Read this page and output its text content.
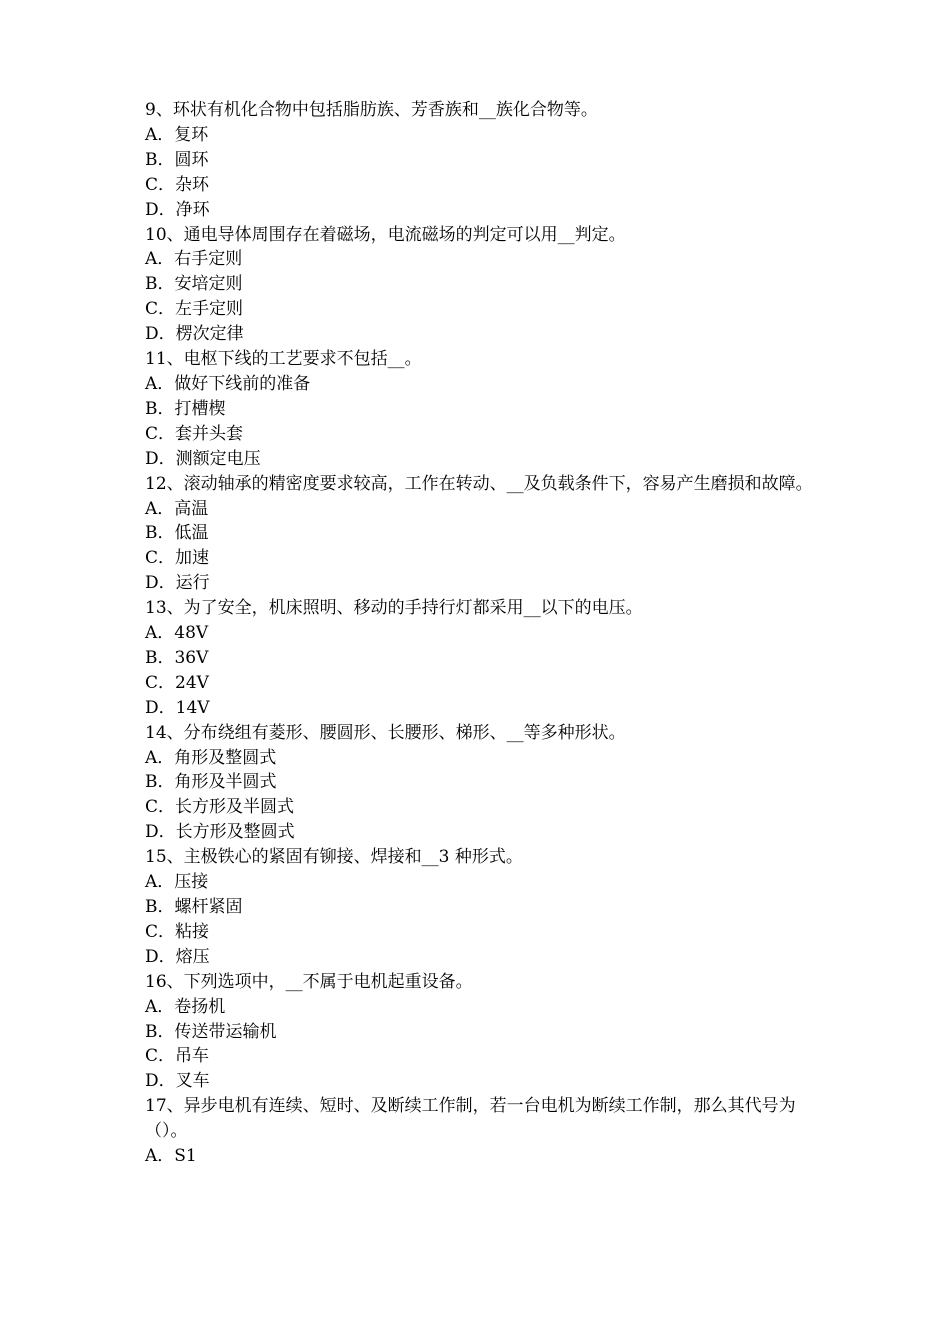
9、环状有机化合物中包括脂肪族、芳香族和__族化合物等。

A．复环

B．圆环

C．杂环

D．净环

10、通电导体周围存在着磁场，电流磁场的判定可以用__判定。

A．右手定则

B．安培定则

C．左手定则

D．楞次定律

11、电枢下线的工艺要求不包括__。

A．做好下线前的准备

B．打槽楔

C．套并头套

D．测额定电压

12、滚动轴承的精密度要求较高，工作在转动、__及负载条件下，容易产生磨损和故障。

A．高温

B．低温

C．加速

D．运行

13、为了安全，机床照明、移动的手持行灯都采用__以下的电压。

A．48V

B．36V

C．24V

D．14V

14、分布绕组有菱形、腰圆形、长腰形、梯形、__等多种形状。

A．角形及整圆式

B．角形及半圆式

C．长方形及半圆式

D．长方形及整圆式

15、主极铁心的紧固有铆接、焊接和__3 种形式。

A．压接

B．螺杆紧固

C．粘接

D．熔压

16、下列选项中，__不属于电机起重设备。

A．卷扬机

B．传送带运输机

C．吊车

D．叉车

17、异步电机有连续、短时、及断续工作制，若一台电机为断续工作制，那么其代号为（）。

A．S1
